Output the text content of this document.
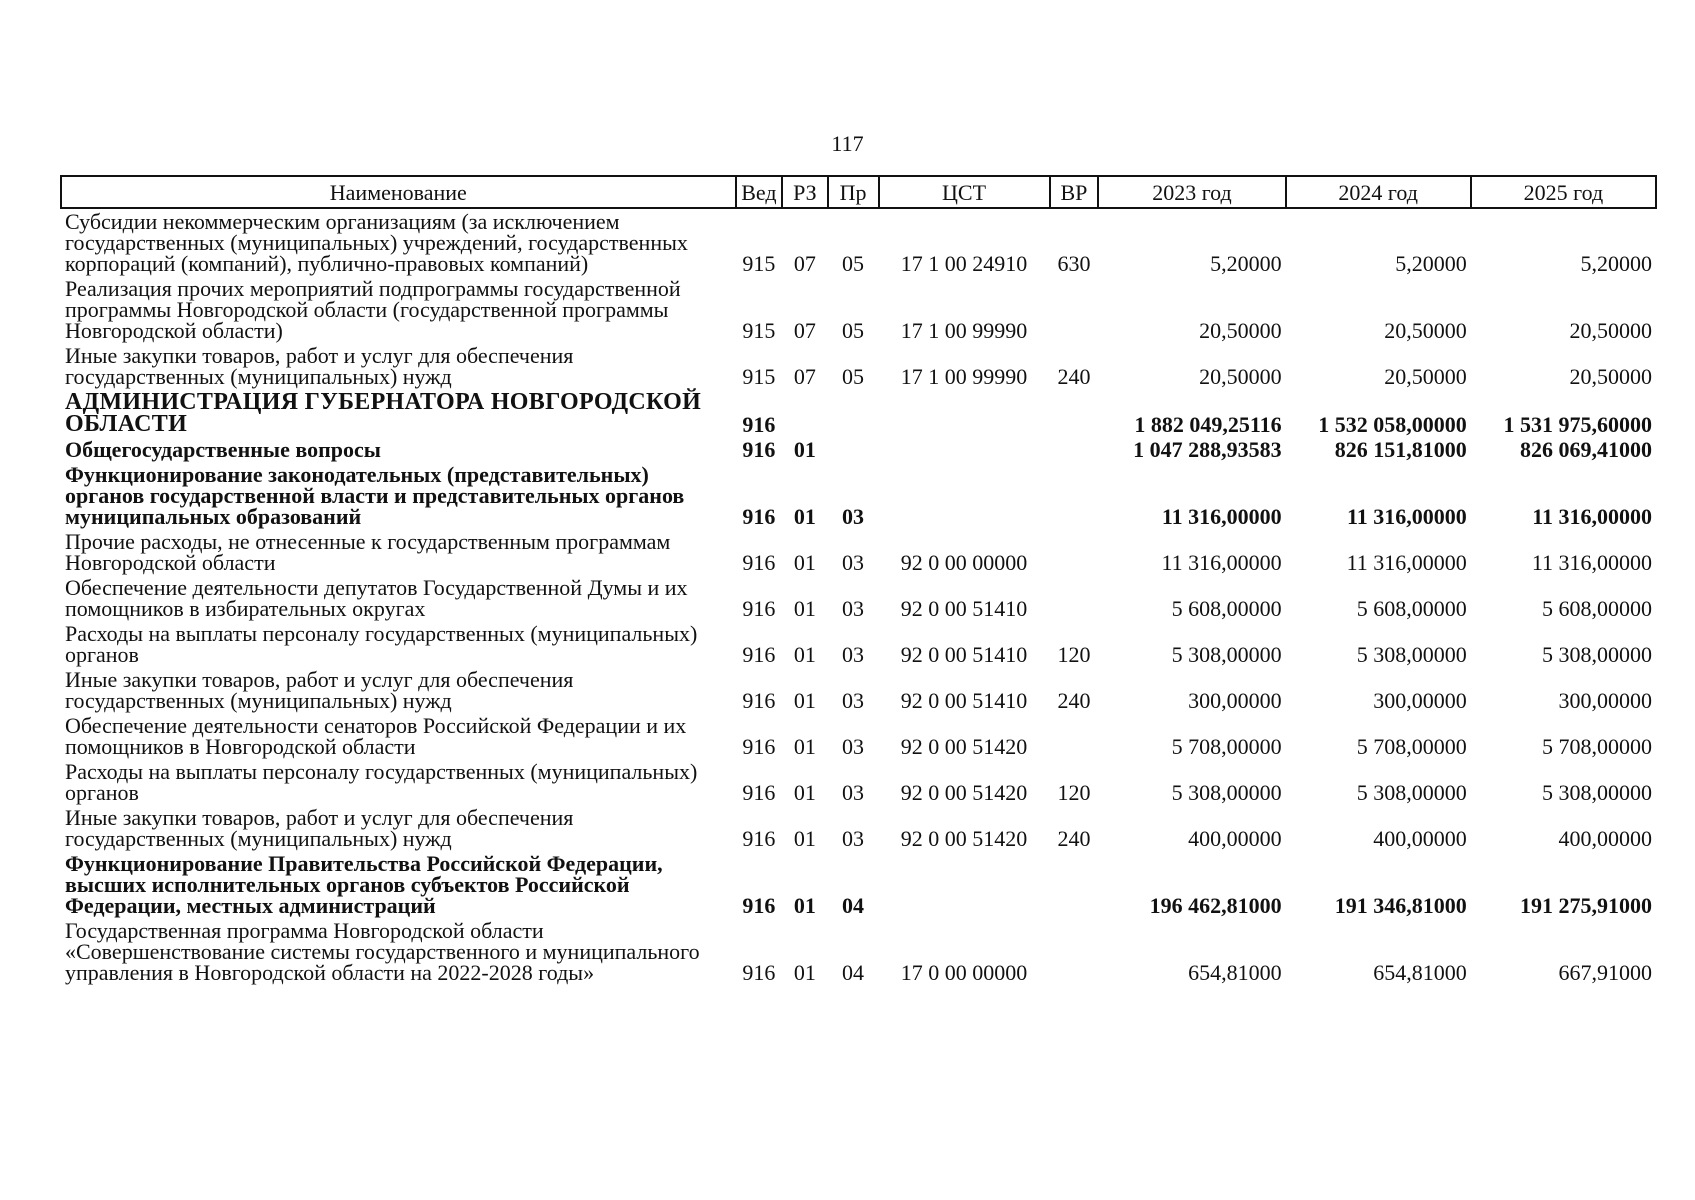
117
Наименование	Вед	РЗ	Пр	ЦСТ	ВР	2023 год	2024 год	2025 год
Субсидии некоммерческим организациям (за исключением государственных (муниципальных) учреждений, государственных корпораций (компаний), публично-правовых компаний)	915	07	05	17 1 00 24910	630	5,20000	5,20000	5,20000
Реализация прочих мероприятий подпрограммы государственной программы Новгородской области (государственной программы Новгородской области)	915	07	05	17 1 00 99990		20,50000	20,50000	20,50000
Иные закупки товаров, работ и услуг для обеспечения государственных (муниципальных) нужд	915	07	05	17 1 00 99990	240	20,50000	20,50000	20,50000
АДМИНИСТРАЦИЯ ГУБЕРНАТОРА НОВГОРОДСКОЙ ОБЛАСТИ	916					1 882 049,25116	1 532 058,00000	1 531 975,60000
Общегосударственные вопросы	916	01				1 047 288,93583	826 151,81000	826 069,41000
Функционирование законодательных (представительных) органов государственной власти и представительных органов муниципальных образований	916	01	03			11 316,00000	11 316,00000	11 316,00000
Прочие расходы, не отнесенные к государственным программам Новгородской области	916	01	03	92 0 00 00000		11 316,00000	11 316,00000	11 316,00000
Обеспечение деятельности депутатов Государственной Думы и их помощников в избирательных округах	916	01	03	92 0 00 51410		5 608,00000	5 608,00000	5 608,00000
Расходы на выплаты персоналу государственных (муниципальных) органов	916	01	03	92 0 00 51410	120	5 308,00000	5 308,00000	5 308,00000
Иные закупки товаров, работ и услуг для обеспечения государственных (муниципальных) нужд	916	01	03	92 0 00 51410	240	300,00000	300,00000	300,00000
Обеспечение деятельности сенаторов Российской Федерации и их помощников в Новгородской области	916	01	03	92 0 00 51420		5 708,00000	5 708,00000	5 708,00000
Расходы на выплаты персоналу государственных (муниципальных) органов	916	01	03	92 0 00 51420	120	5 308,00000	5 308,00000	5 308,00000
Иные закупки товаров, работ и услуг для обеспечения государственных (муниципальных) нужд	916	01	03	92 0 00 51420	240	400,00000	400,00000	400,00000
Функционирование Правительства Российской Федерации, высших исполнительных органов субъектов Российской Федерации, местных администраций	916	01	04			196 462,81000	191 346,81000	191 275,91000
Государственная программа Новгородской области «Совершенствование системы государственного и муниципального управления в Новгородской области на 2022-2028 годы»	916	01	04	17 0 00 00000		654,81000	654,81000	667,91000
